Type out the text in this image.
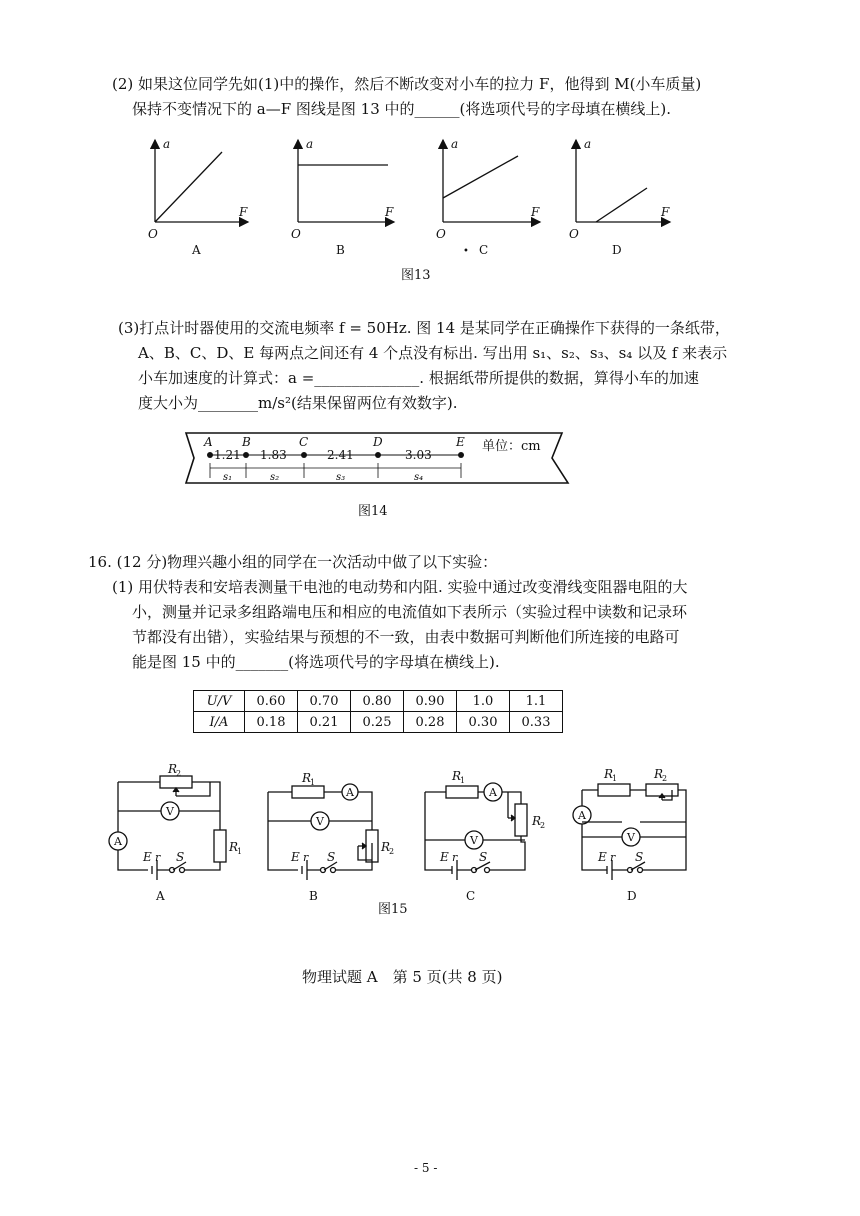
(2) 如果这位同学先如(1)中的操作，然后不断改变对小车的拉力 F，他得到 M(小车质量)
保持不变情况下的 a—F 图线是图 13 中的______(将选项代号的字母填在横线上).
a
F
O
A
a
F
O
B
a
F
O
• C
a
F
O
D
图13
(3)打点计时器使用的交流电频率 f = 50Hz. 图 14 是某同学在正确操作下获得的一条纸带，
A、B、C、D、E 每两点之间还有 4 个点没有标出. 写出用 s₁、s₂、s₃、s₄ 以及 f 来表示
小车加速度的计算式：a =______________. 根据纸带所提供的数据，算得小车的加速
度大小为________m/s²(结果保留两位有效数字).
A B	C	D	E
1.21 1.83	2.41	3.03
s₁	s₂	s₃	s₄
单位：cm
图14
16. (12 分)物理兴趣小组的同学在一次活动中做了以下实验：
(1) 用伏特表和安培表测量干电池的电动势和内阻. 实验中通过改变滑线变阻器电阻的大
小，测量并记录多组路端电压和相应的电流值如下表所示（实验过程中读数和记录环
节都没有出错），实验结果与预想的不一致，由表中数据可判断他们所连接的电路可
能是图 15 中的_______(将选项代号的字母填在横线上).
U/V	0.60	0.70	0.80	0.90	1.0	1.1
I/A	0.18	0.21	0.25	0.28	0.30	0.33
R
2
V
A	R
1
E r S
A
R
1
A
V
R
2
E r S
B
R
1
A
R
2
V
E r S
C
R
1	R
2
A
V
E r S
D
图15
物理试题 A　第 5 页(共 8 页)
- 5 -
